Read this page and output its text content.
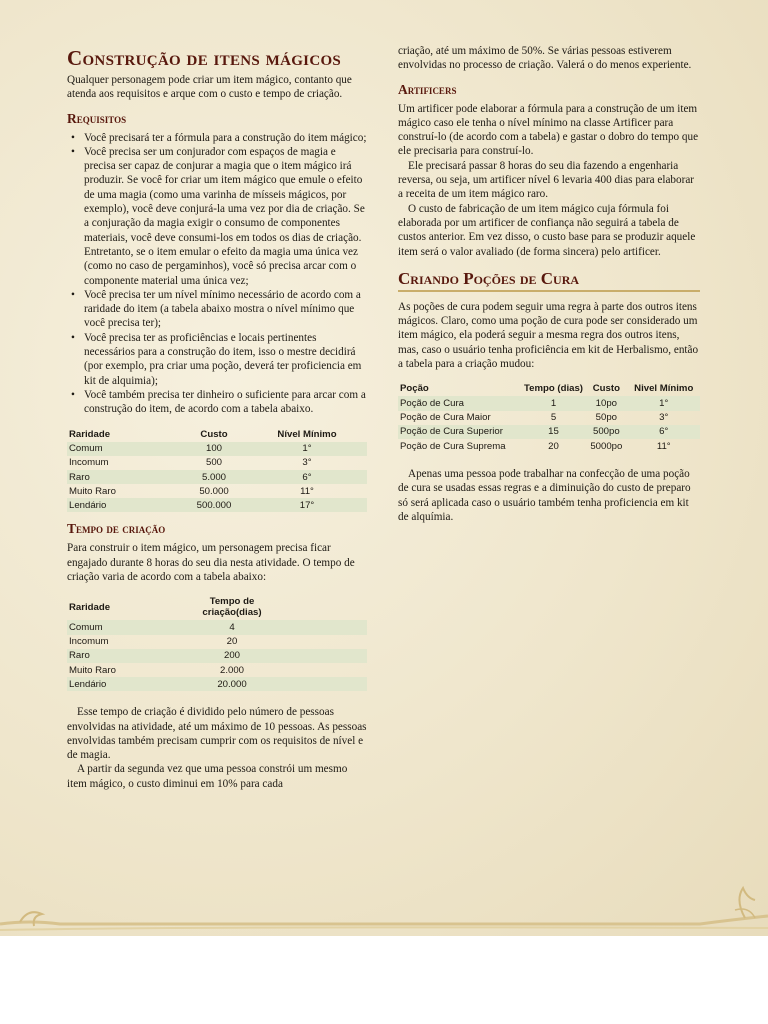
Construção de itens mágicos

Qualquer personagem pode criar um item mágico, contanto que atenda aos requisitos e arque com o custo e tempo de criação.

Requisitos
• Você precisará ter a fórmula para a construção do item mágico;
• Você precisa ser um conjurador com espaços de magia e precisa ser capaz de conjurar a magia que o item mágico irá produzir. Se você for criar um item mágico que emule o efeito de uma magia (como uma varinha de mísseis mágicos, por exemplo), você deve conjurá-la uma vez por dia de criação. Se a conjuração da magia exigir o consumo de componentes materiais, você deve consumi-los em todos os dias de criação. Entretanto, se o item emular o efeito da magia uma única vez (como no caso de pergaminhos), você só precisa arcar com o componente material uma única vez;
• Você precisa ter um nível mínimo necessário de acordo com a raridade do item (a tabela abaixo mostra o nível mínimo que você precisa ter);
• Você precisa ter as proficiências e locais pertinentes necessários para a construção do item, isso o mestre decidirá (por exemplo, pra criar uma poção, deverá ter proficiencia em kit de alquimia);
• Você também precisa ter dinheiro o suficiente para arcar com a construção do item, de acordo com a tabela abaixo.
Raridade	Custo	Nível Mínimo
Comum	100	1°
Incomum	500	3°
Raro	5.000	6°
Muito Raro	50.000	11°
Lendário	500.000	17°
Tempo de criação

Para construir o item mágico, um personagem precisa ficar engajado durante 8 horas do seu dia nesta atividade. O tempo de criação varia de acordo com a tabela abaixo:

Raridade	Tempo de criação(dias)	
Comum	4	
Incomum	20	
Raro	200	
Muito Raro	2.000	
Lendário	20.000	

Esse tempo de criação é dividido pelo número de pessoas envolvidas na atividade, até um máximo de 10 pessoas. As pessoas envolvidas também precisam cumprir com os requisitos de nível e de magia.

A partir da segunda vez que uma pessoa constrói um mesmo item mágico, o custo diminui em 10% para cada

criação, até um máximo de 50%. Se várias pessoas estiverem envolvidas no processo de criação. Valerá o do menos experiente.

Artificers

Um artificer pode elaborar a fórmula para a construção de um item mágico caso ele tenha o nível mínimo na classe Artificer para construí-lo (de acordo com a tabela) e gastar o dobro do tempo que ele precisaria para construí-lo.

Ele precisará passar 8 horas do seu dia fazendo a engenharia reversa, ou seja, um artificer nível 6 levaria 400 dias para elaborar a receita de um item mágico raro.

O custo de fabricação de um item mágico cuja fórmula foi elaborada por um artificer de confiança não seguirá a tabela de custos anterior. Em vez disso, o custo base para se produzir aquele item será o valor avaliado (de forma sincera) pelo artificer.

Criando Poções de Cura

As poções de cura podem seguir uma regra à parte dos outros itens mágicos. Claro, como uma poção de cura pode ser considerado um item mágico, ela poderá seguir a mesma regra dos outros itens, mas, caso o usuário tenha proficiência em kit de Herbalismo, então a tabela para a criação mudou:

Poção	Tempo (dias)	Custo	Nivel Mínimo
Poção de Cura	1	10po	1°
Poção de Cura Maior	5	50po	3°
Poção de Cura Superior	15	500po	6°
Poção de Cura Suprema	20	5000po	11°

Apenas uma pessoa pode trabalhar na confecção de uma poção de cura se usadas essas regras e a diminuição do custo de preparo só será aplicada caso o usuário também tenha proficiencia em kit de alquímia.
